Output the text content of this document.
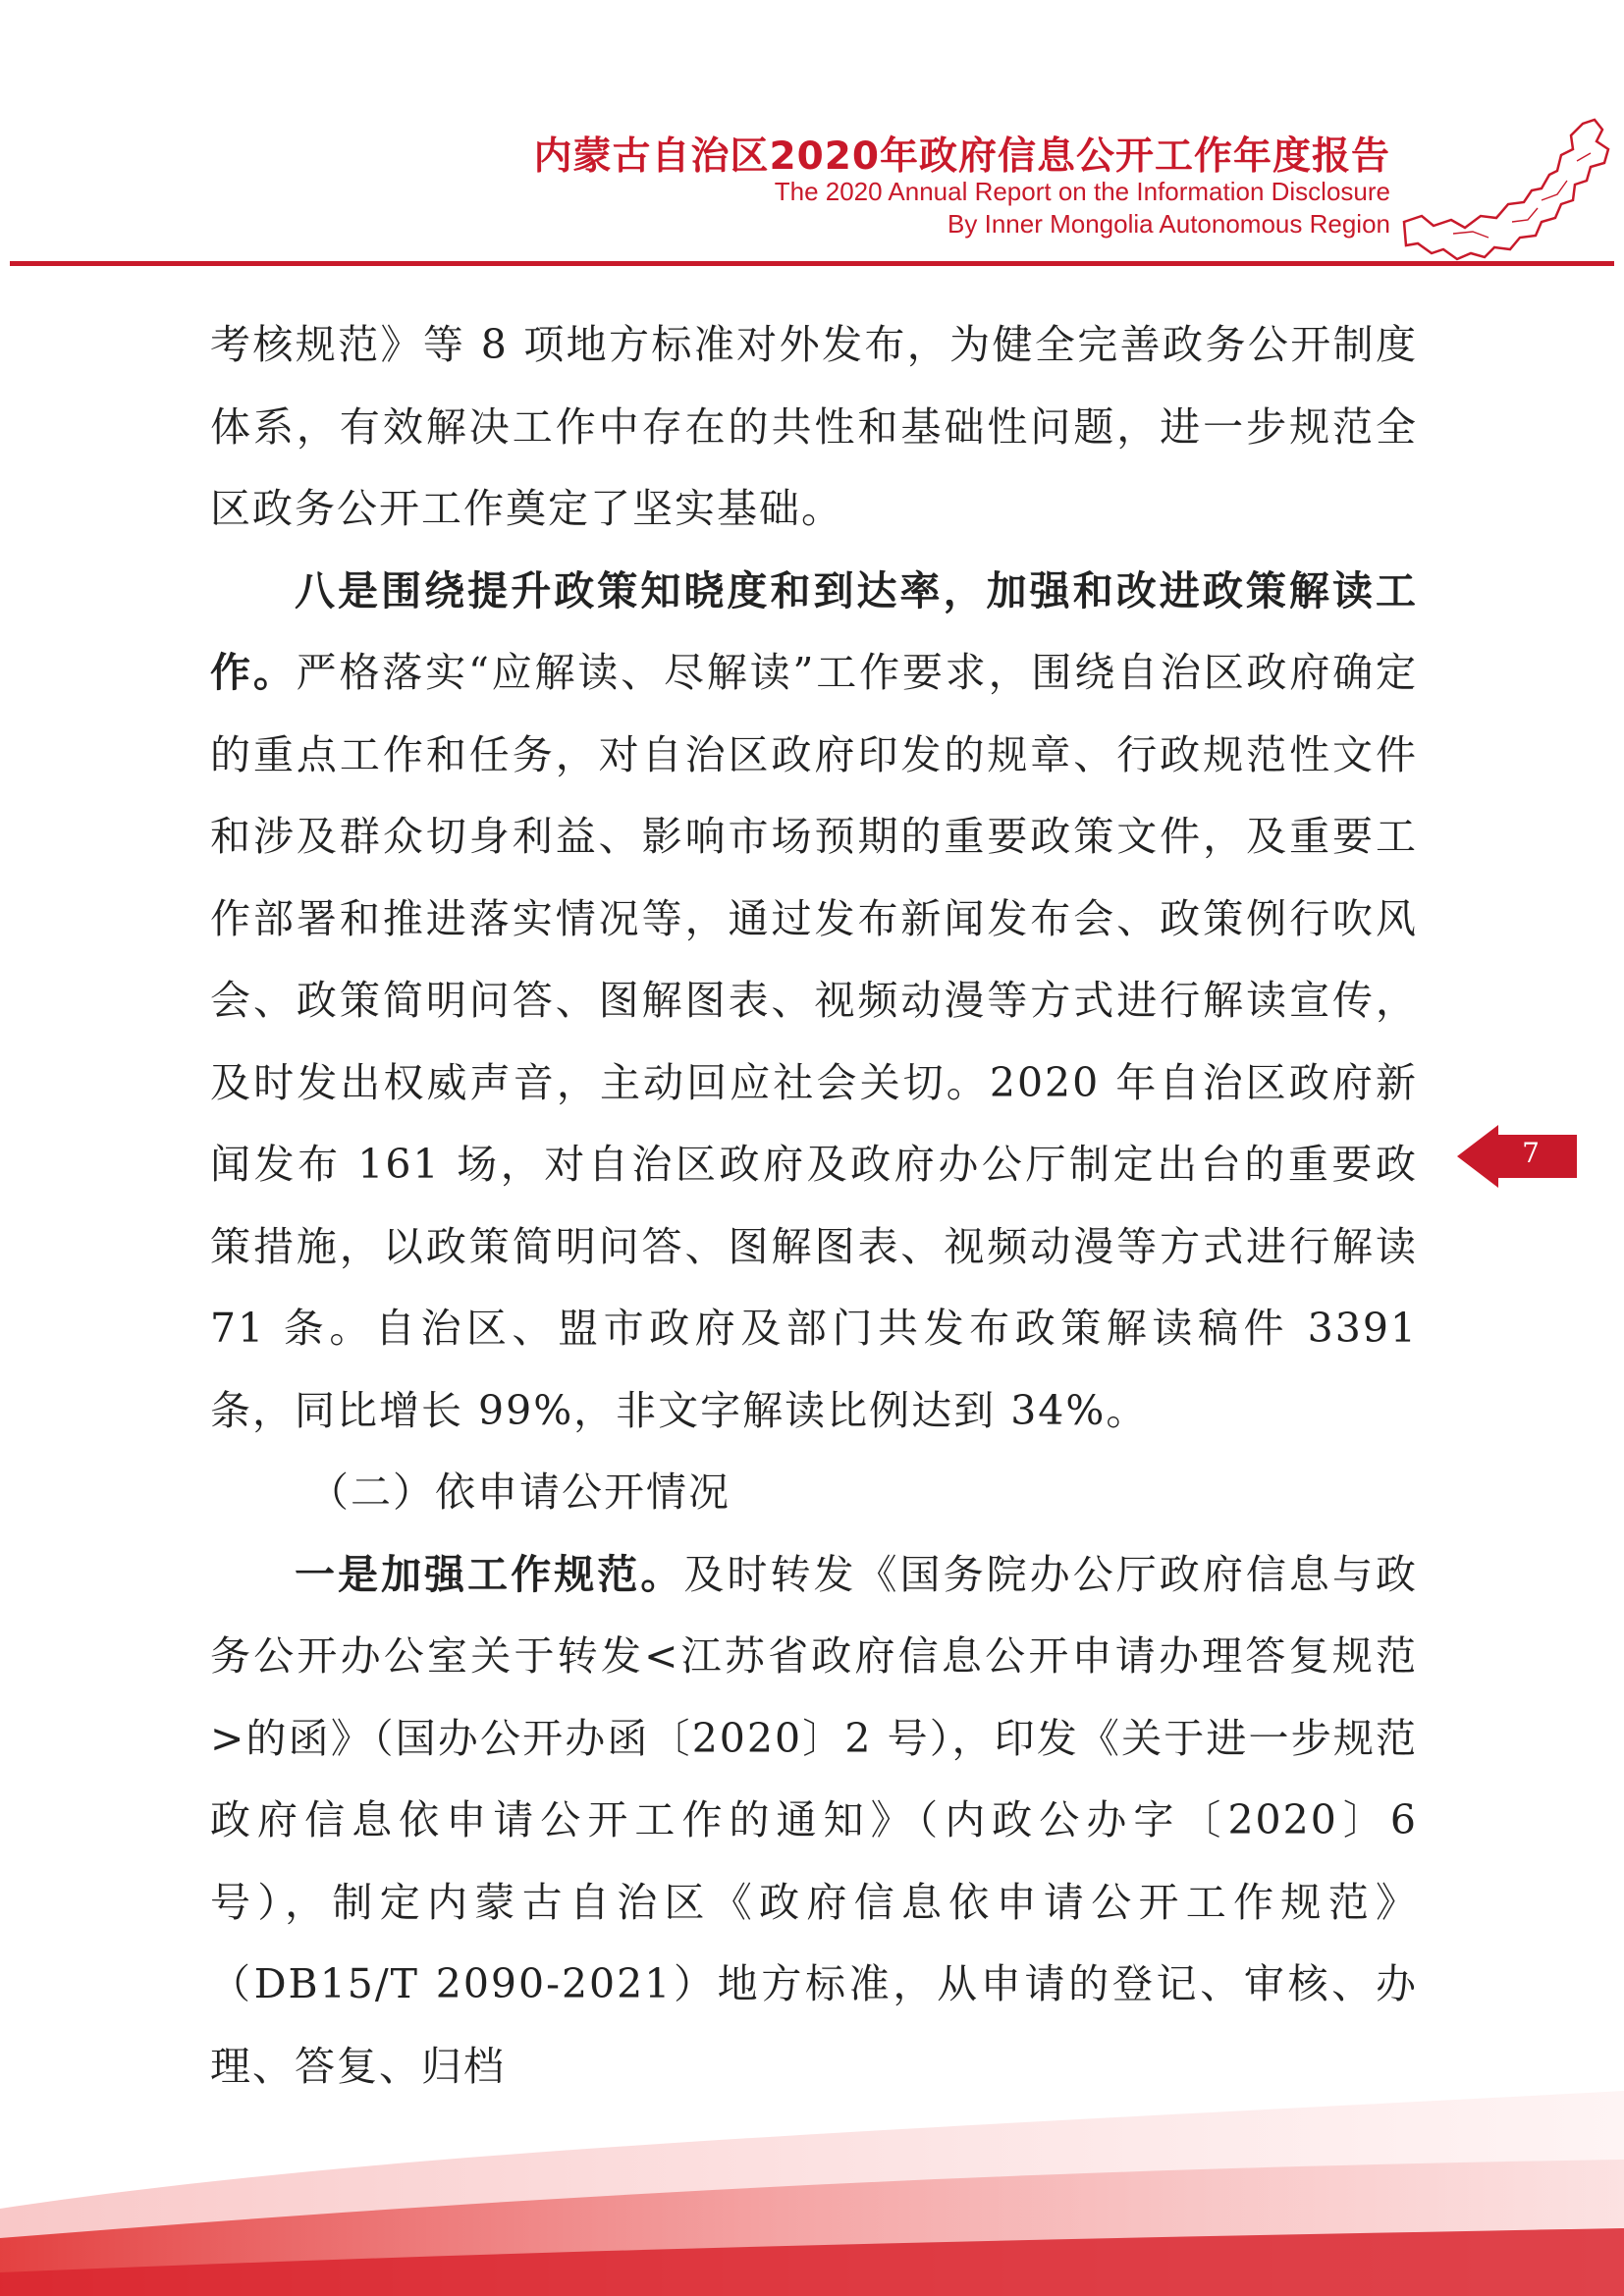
内蒙古自治区2020年政府信息公开工作年度报告
The 2020 Annual Report on the Information Disclosure
By Inner Mongolia Autonomous Region

考核规范》等 8 项地方标准对外发布，为健全完善政务公开制度体系，有效解决工作中存在的共性和基础性问题，进一步规范全区政务公开工作奠定了坚实基础。

八是围绕提升政策知晓度和到达率，加强和改进政策解读工作。严格落实“应解读、尽解读”工作要求，围绕自治区政府确定的重点工作和任务，对自治区政府印发的规章、行政规范性文件和涉及群众切身利益、影响市场预期的重要政策文件，及重要工作部署和推进落实情况等，通过发布新闻发布会、政策例行吹风会、政策简明问答、图解图表、视频动漫等方式进行解读宣传，及时发出权威声音，主动回应社会关切。2020 年自治区政府新闻发布 161 场，对自治区政府及政府办公厅制定出台的重要政策措施，以政策简明问答、图解图表、视频动漫等方式进行解读 71 条。自治区、盟市政府及部门共发布政策解读稿件 3391 条，同比增长 99%，非文字解读比例达到 34%。

（二）依申请公开情况

一是加强工作规范。及时转发《国务院办公厅政府信息与政务公开办公室关于转发<江苏省政府信息公开申请办理答复规范>的函》（国办公开办函〔2020〕2 号），印发《关于进一步规范政府信息依申请公开工作的通知》（内政公办字〔2020〕6 号），制定内蒙古自治区《政府信息依申请公开工作规范》（DB15/T 2090-2021）地方标准，从申请的登记、审核、办理、答复、归档

7
